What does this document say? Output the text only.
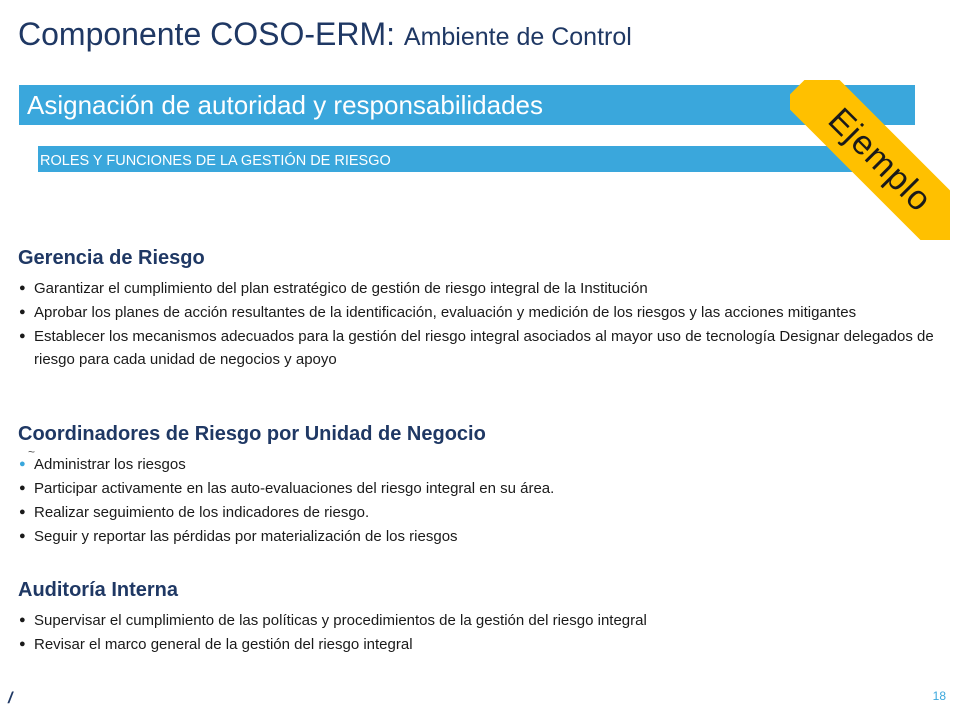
Componente COSO-ERM: Ambiente de Control
Asignación de autoridad y responsabilidades
ROLES Y FUNCIONES DE LA GESTIÓN DE RIESGO	Ejemplo
Gerencia de Riesgo
● Garantizar el cumplimiento del plan estratégico de gestión de riesgo integral de la Institución
● Aprobar los planes de acción resultantes de la identificación, evaluación y medición de los riesgos y las acciones mitigantes
● Establecer los mecanismos adecuados para la gestión del riesgo integral asociados al mayor uso de tecnología Designar delegados de riesgo para cada unidad de negocios y apoyo
Coordinadores de Riesgo por Unidad de Negocio
~
● Administrar los riesgos
● Participar activamente en las auto-evaluaciones del riesgo integral en su área.
● Realizar seguimiento de los indicadores de riesgo.
● Seguir y reportar las pérdidas por materialización de los riesgos
Auditoría Interna
● Supervisar el cumplimiento de las políticas y procedimientos de la gestión del riesgo integral
● Revisar el marco general de la gestión del riesgo integral
/	18
